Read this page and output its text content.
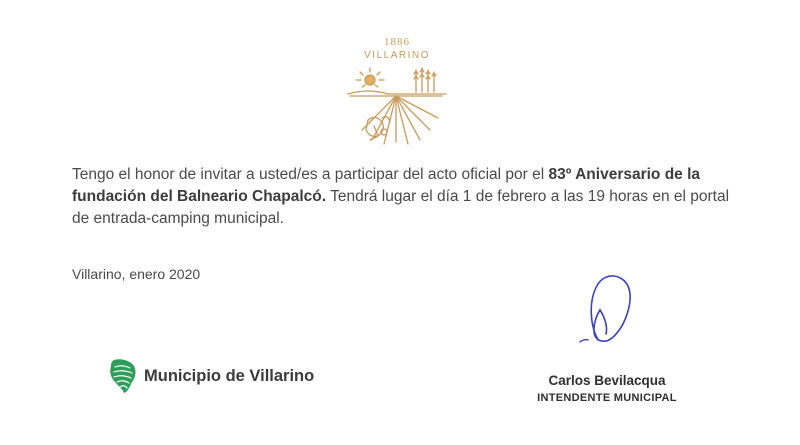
1886
VILLARINO

Tengo el honor de invitar a usted/es a participar del acto oficial por el 83º Aniversario de la fundación del Balneario Chapalcó. Tendrá lugar el día 1 de febrero a las 19 horas en el portal de entrada-camping municipal.

Villarino, enero 2020
Municipio de Villarino	Carlos Bevilacqua
INTENDENTE MUNICIPAL
